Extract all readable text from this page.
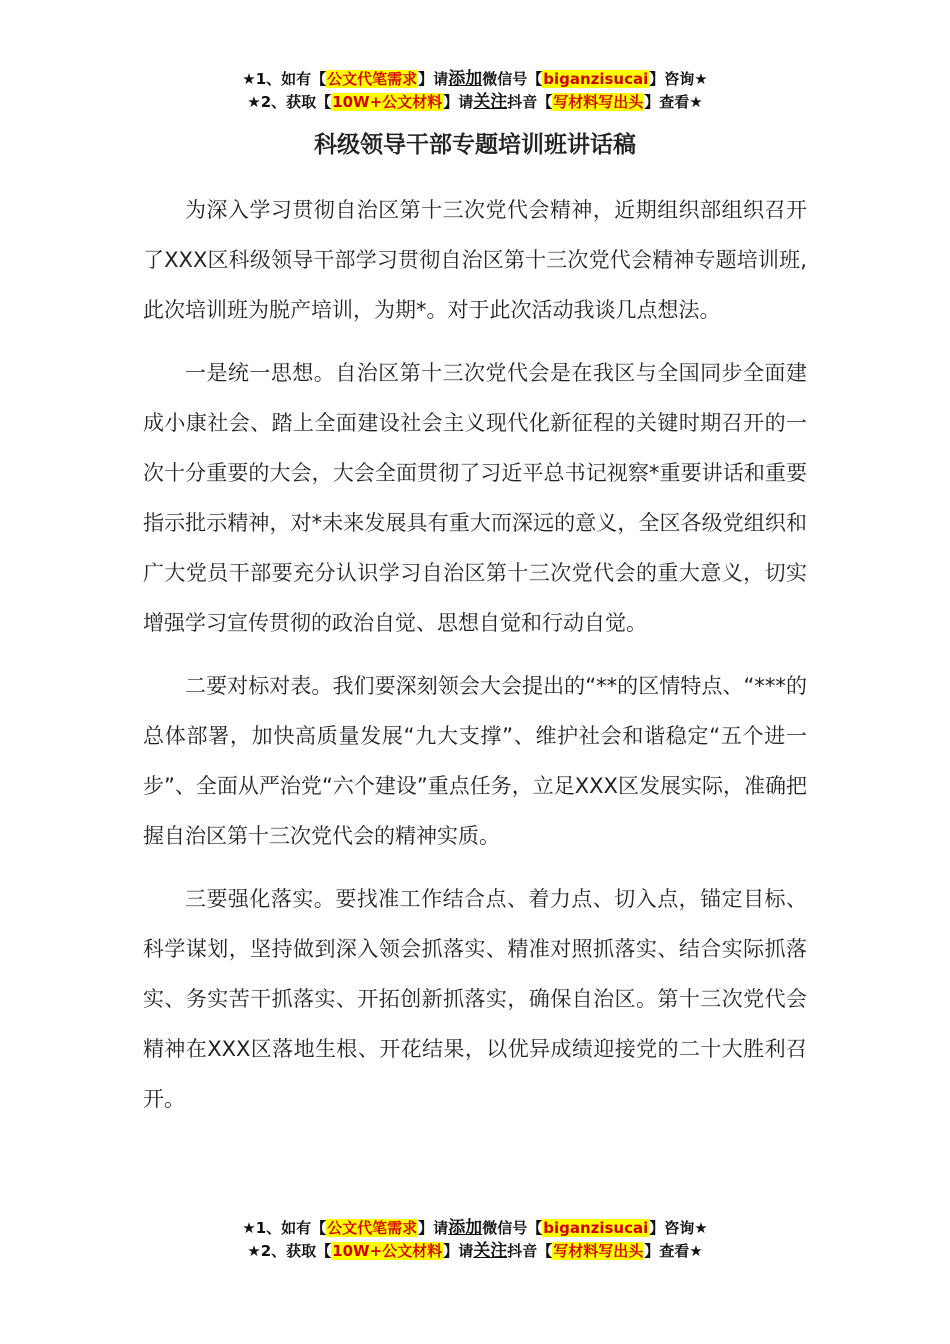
★1、如有【公文代笔需求】请添加微信号【biganzisucai】咨询★
★2、获取【10W+公文材料】请关注抖音【写材料写出头】查看★
科级领导干部专题培训班讲话稿

为深入学习贯彻自治区第十三次党代会精神，近期组织部组织召开了XXX区科级领导干部学习贯彻自治区第十三次党代会精神专题培训班,此次培训班为脱产培训，为期*。对于此次活动我谈几点想法。

一是统一思想。自治区第十三次党代会是在我区与全国同步全面建成小康社会、踏上全面建设社会主义现代化新征程的关键时期召开的一次十分重要的大会，大会全面贯彻了习近平总书记视察*重要讲话和重要指示批示精神，对*未来发展具有重大而深远的意义，全区各级党组织和广大党员干部要充分认识学习自治区第十三次党代会的重大意义，切实增强学习宣传贯彻的政治自觉、思想自觉和行动自觉。

二要对标对表。我们要深刻领会大会提出的“**的区情特点、“***的总体部署，加快高质量发展“九大支撑”、维护社会和谐稳定“五个进一步”、全面从严治党“六个建设”重点任务，立足XXX区发展实际，准确把握自治区第十三次党代会的精神实质。

三要强化落实。要找准工作结合点、着力点、切入点，锚定目标、科学谋划，坚持做到深入领会抓落实、精准对照抓落实、结合实际抓落实、务实苦干抓落实、开拓创新抓落实，确保自治区。第十三次党代会精神在XXX区落地生根、开花结果，以优异成绩迎接党的二十大胜利召开。

★1、如有【公文代笔需求】请添加微信号【biganzisucai】咨询★
★2、获取【10W+公文材料】请关注抖音【写材料写出头】查看★
